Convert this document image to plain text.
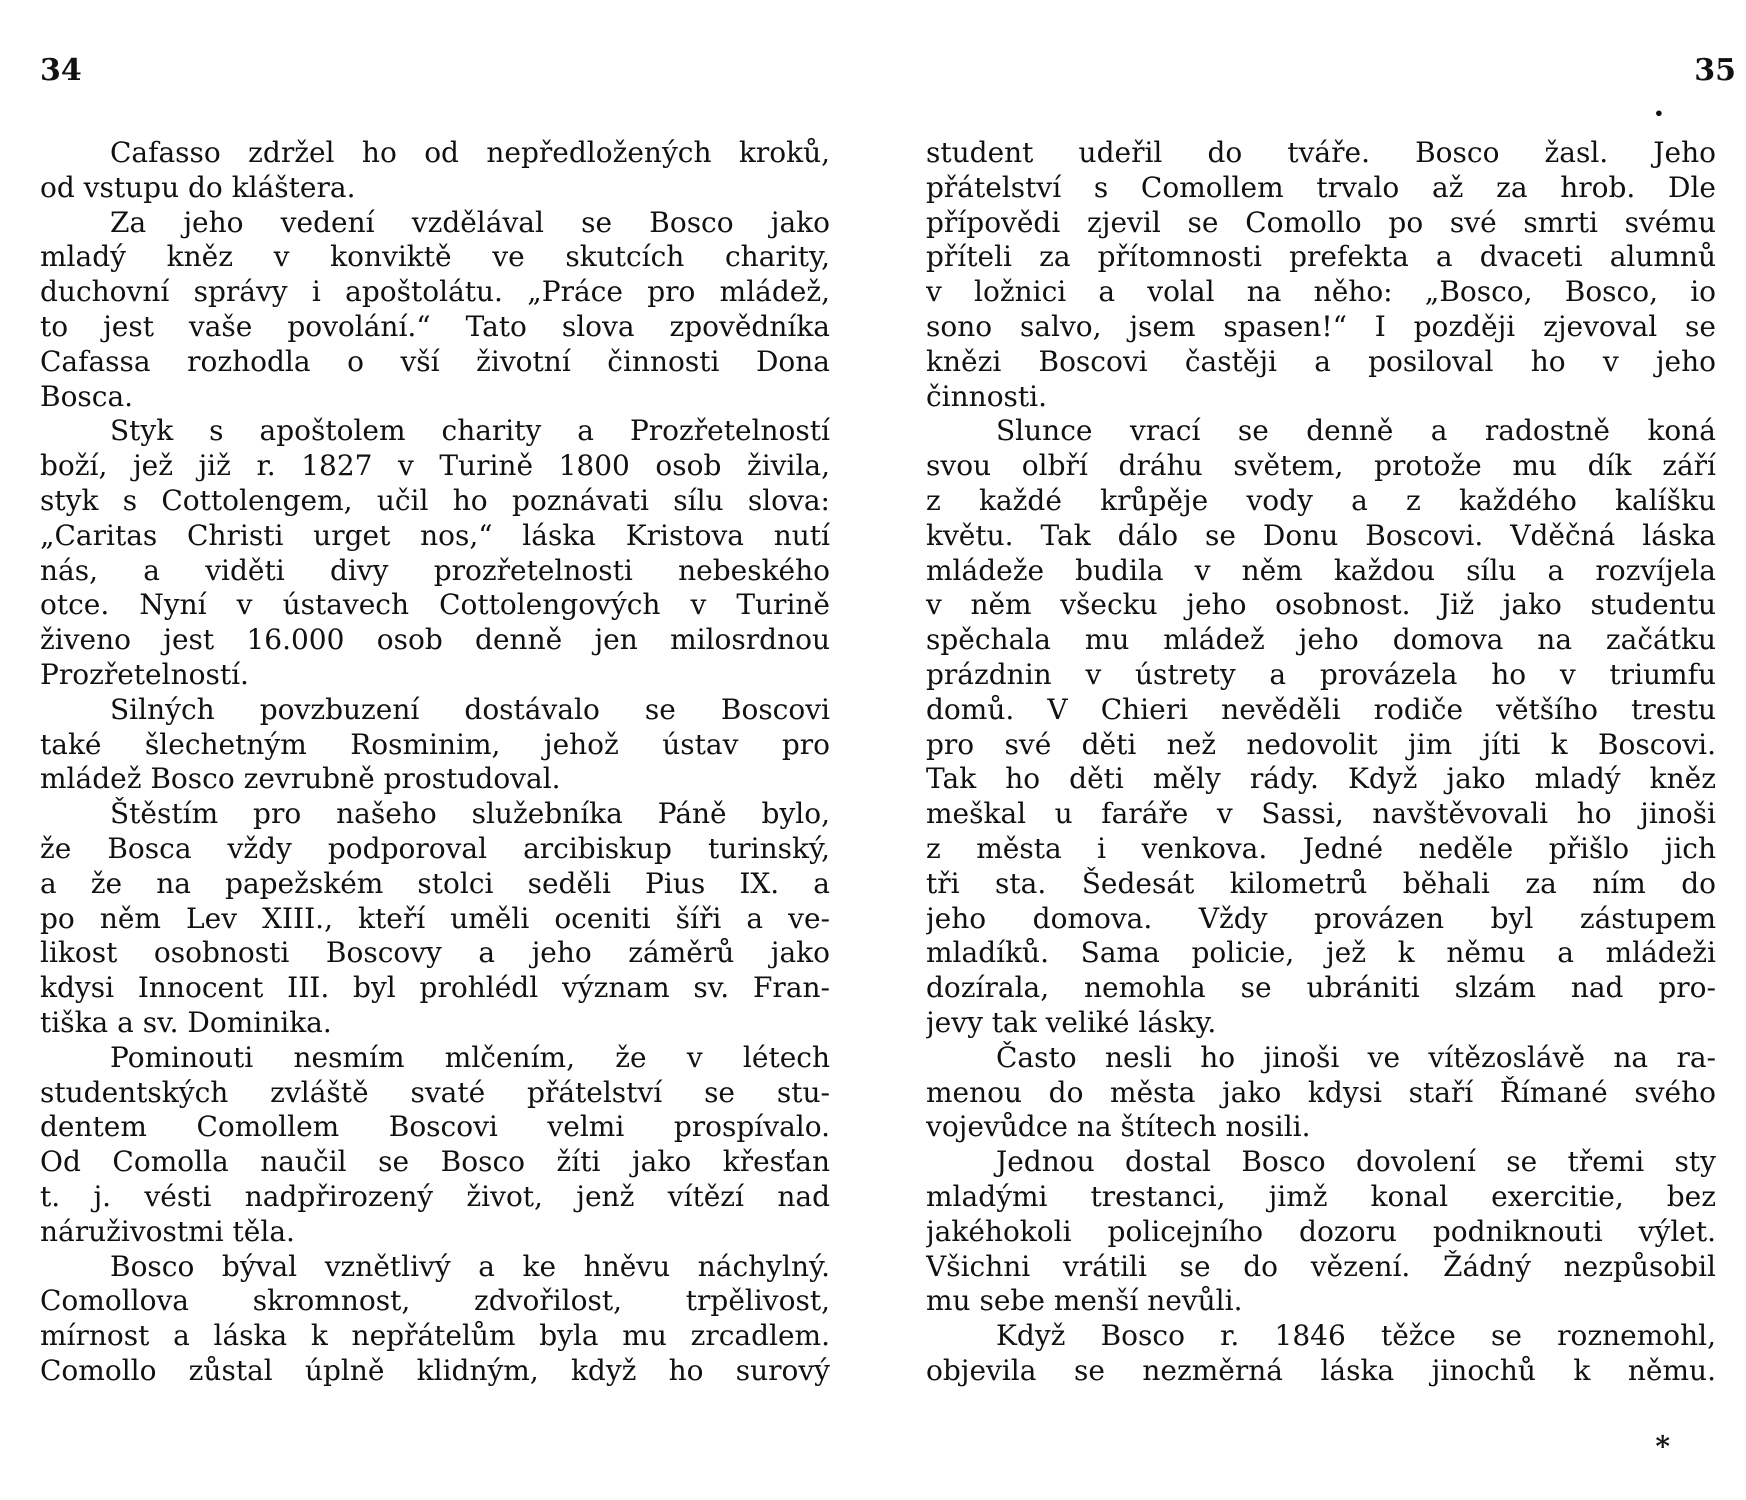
34
Cafasso zdržel ho od nepředložených kroků,
od vstupu do kláštera.
Za jeho vedení vzdělával se Bosco jako
mladý kněz v konviktě ve skutcích charity,
duchovní správy i apoštolátu. „Práce pro mládež,
to jest vaše povolání.“ Tato slova zpovědníka
Cafassa rozhodla o vší životní činnosti Dona
Bosca.
Styk s apoštolem charity a Prozřetelností
boží, jež již r. 1827 v Turině 1800 osob živila,
styk s Cottolengem, učil ho poznávati sílu slova:
„Caritas Christi urget nos,“ láska Kristova nutí
nás, a viděti divy prozřetelnosti nebeského
otce. Nyní v ústavech Cottolengových v Turině
živeno jest 16.000 osob denně jen milosrdnou
Prozřetelností.
Silných povzbuzení dostávalo se Boscovi
také šlechetným Rosminim, jehož ústav pro
mládež Bosco zevrubně prostudoval.
Štěstím pro našeho služebníka Páně bylo,
že Bosca vždy podporoval arcibiskup turinský,
a že na papežském stolci seděli Pius IX. a
po něm Lev XIII., kteří uměli oceniti šíři a ve-
likost osobnosti Boscovy a jeho záměrů jako
kdysi Innocent III. byl prohlédl význam sv. Fran-
tiška a sv. Dominika.
Pominouti nesmím mlčením, že v létech
studentských zvláště svaté přátelství se stu-
dentem Comollem Boscovi velmi prospívalo.
Od Comolla naučil se Bosco žíti jako křesťan
t. j. vésti nadpřirozený život, jenž vítězí nad
náruživostmi těla.
Bosco býval vznětlivý a ke hněvu náchylný.
Comollova skromnost, zdvořilost, trpělivost,
mírnost a láska k nepřátelům byla mu zrcadlem.
Comollo zůstal úplně klidným, když ho surový
35
•
student udeřil do tváře. Bosco žasl. Jeho
přátelství s Comollem trvalo až za hrob. Dle
přípovědi zjevil se Comollo po své smrti svému
příteli za přítomnosti prefekta a dvaceti alumnů
v ložnici a volal na něho: „Bosco, Bosco, io
sono salvo, jsem spasen!“ I později zjevoval se
knězi Boscovi častěji a posiloval ho v jeho
činnosti.
Slunce vrací se denně a radostně koná
svou olbří dráhu světem, protože mu dík září
z každé krůpěje vody a z každého kalíšku
květu. Tak dálo se Donu Boscovi. Vděčná láska
mládeže budila v něm každou sílu a rozvíjela
v něm všecku jeho osobnost. Již jako studentu
spěchala mu mládež jeho domova na začátku
prázdnin v ústrety a provázela ho v triumfu
domů. V Chieri nevěděli rodiče většího trestu
pro své děti než nedovolit jim jíti k Boscovi.
Tak ho děti měly rády. Když jako mladý kněz
meškal u faráře v Sassi, navštěvovali ho jinoši
z města i venkova. Jedné neděle přišlo jich
tři sta. Šedesát kilometrů běhali za ním do
jeho domova. Vždy provázen byl zástupem
mladíků. Sama policie, jež k němu a mládeži
dozírala, nemohla se ubrániti slzám nad pro-
jevy tak veliké lásky.
Často nesli ho jinoši ve vítězoslávě na ra-
menou do města jako kdysi staří Římané svého
vojevůdce na štítech nosili.
Jednou dostal Bosco dovolení se třemi sty
mladými trestanci, jimž konal exercitie, bez
jakéhokoli policejního dozoru podniknouti výlet.
Všichni vrátili se do vězení. Žádný nezpůsobil
mu sebe menší nevůli.
Když Bosco r. 1846 těžce se roznemohl,
objevila se nezměrná láska jinochů k němu.
*
